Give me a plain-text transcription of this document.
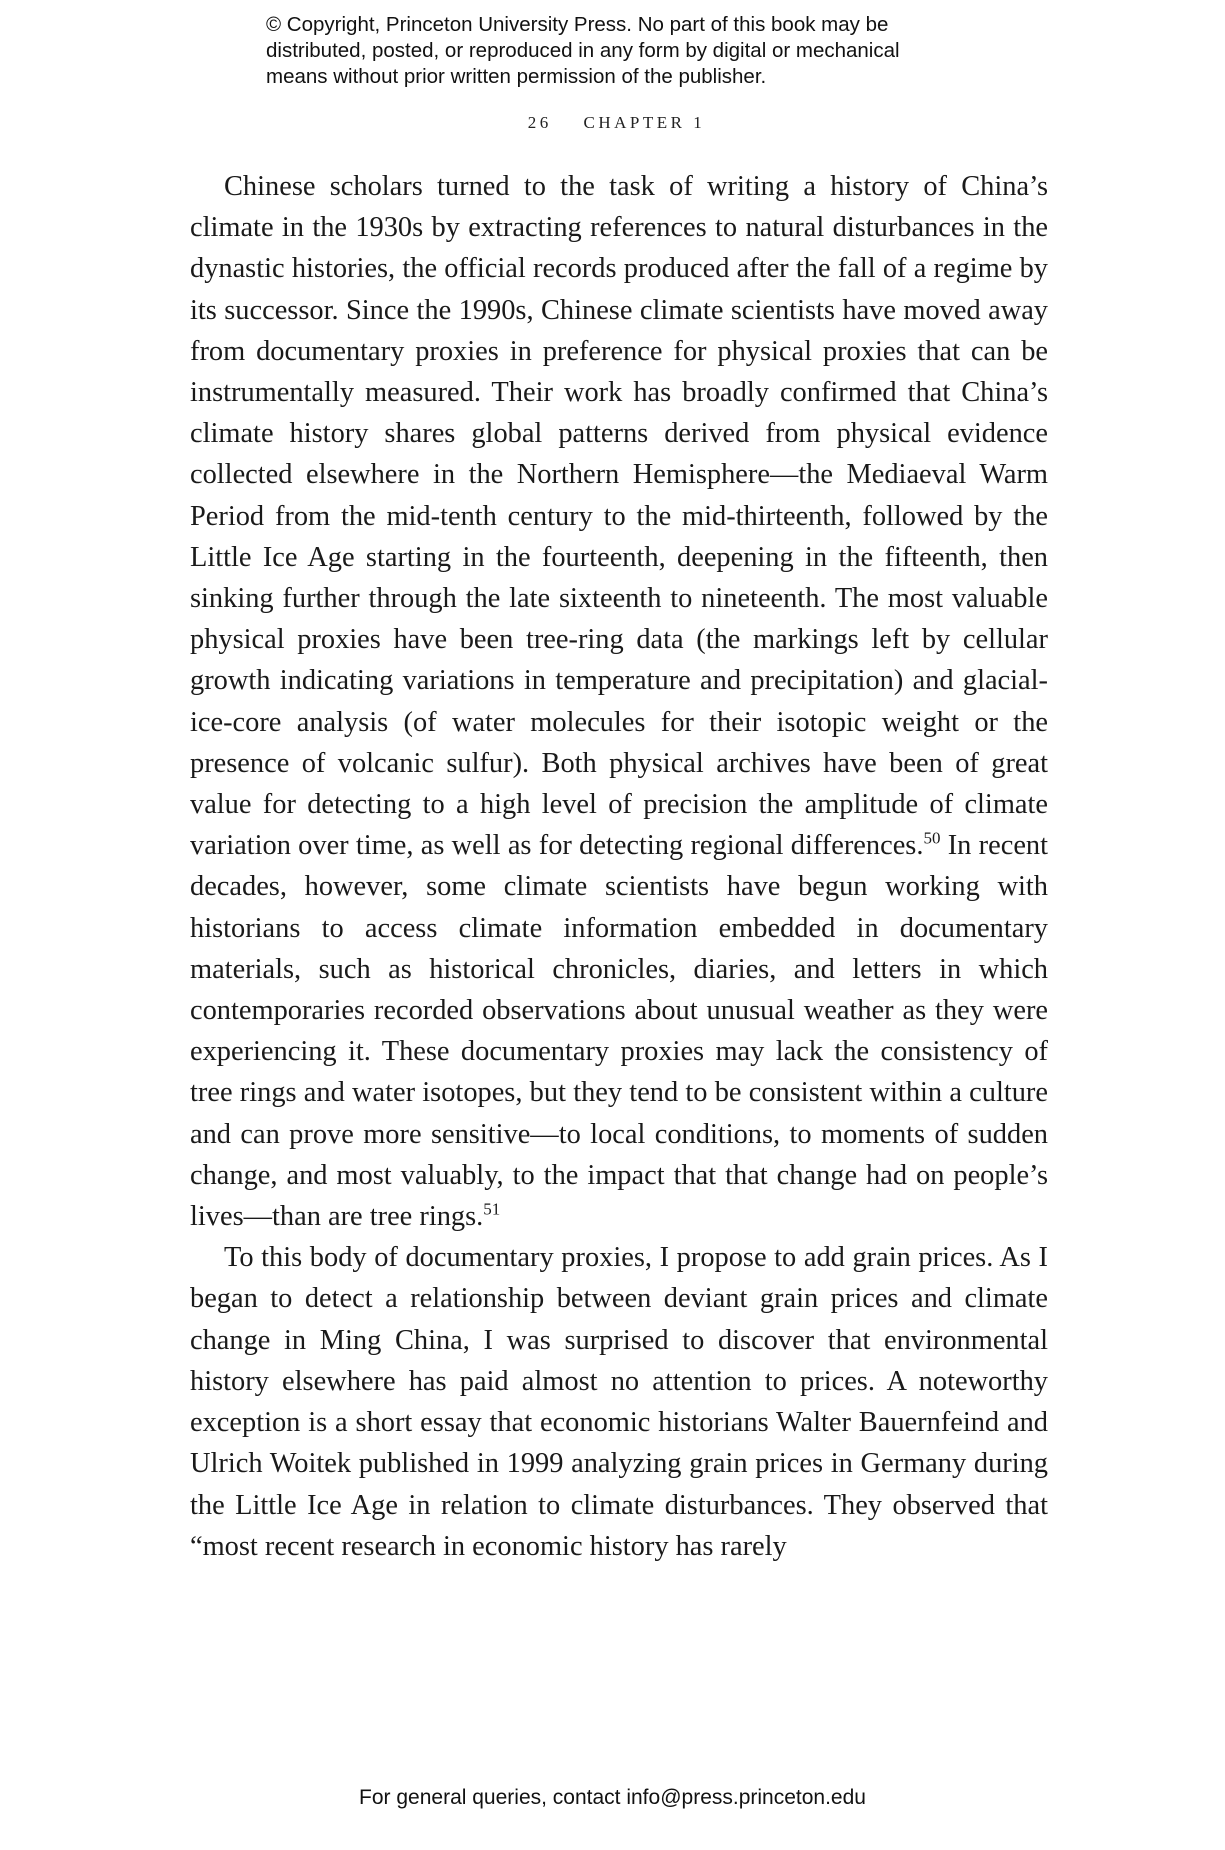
© Copyright, Princeton University Press. No part of this book may be
distributed, posted, or reproduced in any form by digital or mechanical
means without prior written permission of the publisher.
26 CHAPTER 1

Chinese scholars turned to the task of writing a history of China’s climate in the 1930s by extracting references to natural disturbances in the dynastic histories, the official records produced after the fall of a regime by its successor. Since the 1990s, Chinese climate scientists have moved away from documentary proxies in preference for physical proxies that can be instrumentally measured. Their work has broadly confirmed that China’s climate history shares global patterns derived from physical evidence collected elsewhere in the Northern Hemisphere—the Mediaeval Warm Period from the mid-tenth century to the mid-thirteenth, followed by the Little Ice Age starting in the fourteenth, deepening in the fifteenth, then sinking further through the late sixteenth to nineteenth. The most valuable physical proxies have been tree-ring data (the markings left by cellular growth indicating variations in temperature and precipitation) and glacial-ice-core analysis (of water molecules for their isotopic weight or the presence of volcanic sulfur). Both physical archives have been of great value for detecting to a high level of precision the amplitude of climate variation over time, as well as for detecting regional differences.$^{50}$ In recent decades, however, some climate scientists have begun working with historians to access climate information embedded in documentary materials, such as historical chronicles, diaries, and letters in which contemporaries recorded observations about unusual weather as they were experiencing it. These documentary proxies may lack the consistency of tree rings and water isotopes, but they tend to be consistent within a culture and can prove more sensitive—to local conditions, to moments of sudden change, and most valuably, to the impact that that change had on people’s lives—than are tree rings.$^{51}$

To this body of documentary proxies, I propose to add grain prices. As I began to detect a relationship between deviant grain prices and climate change in Ming China, I was surprised to discover that environmental history elsewhere has paid almost no attention to prices. A noteworthy exception is a short essay that economic historians Walter Bauernfeind and Ulrich Woitek published in 1999 analyzing grain prices in Germany during the Little Ice Age in relation to climate disturbances. They observed that “most recent research in economic history has rarely

For general queries, contact info@press.princeton.edu
